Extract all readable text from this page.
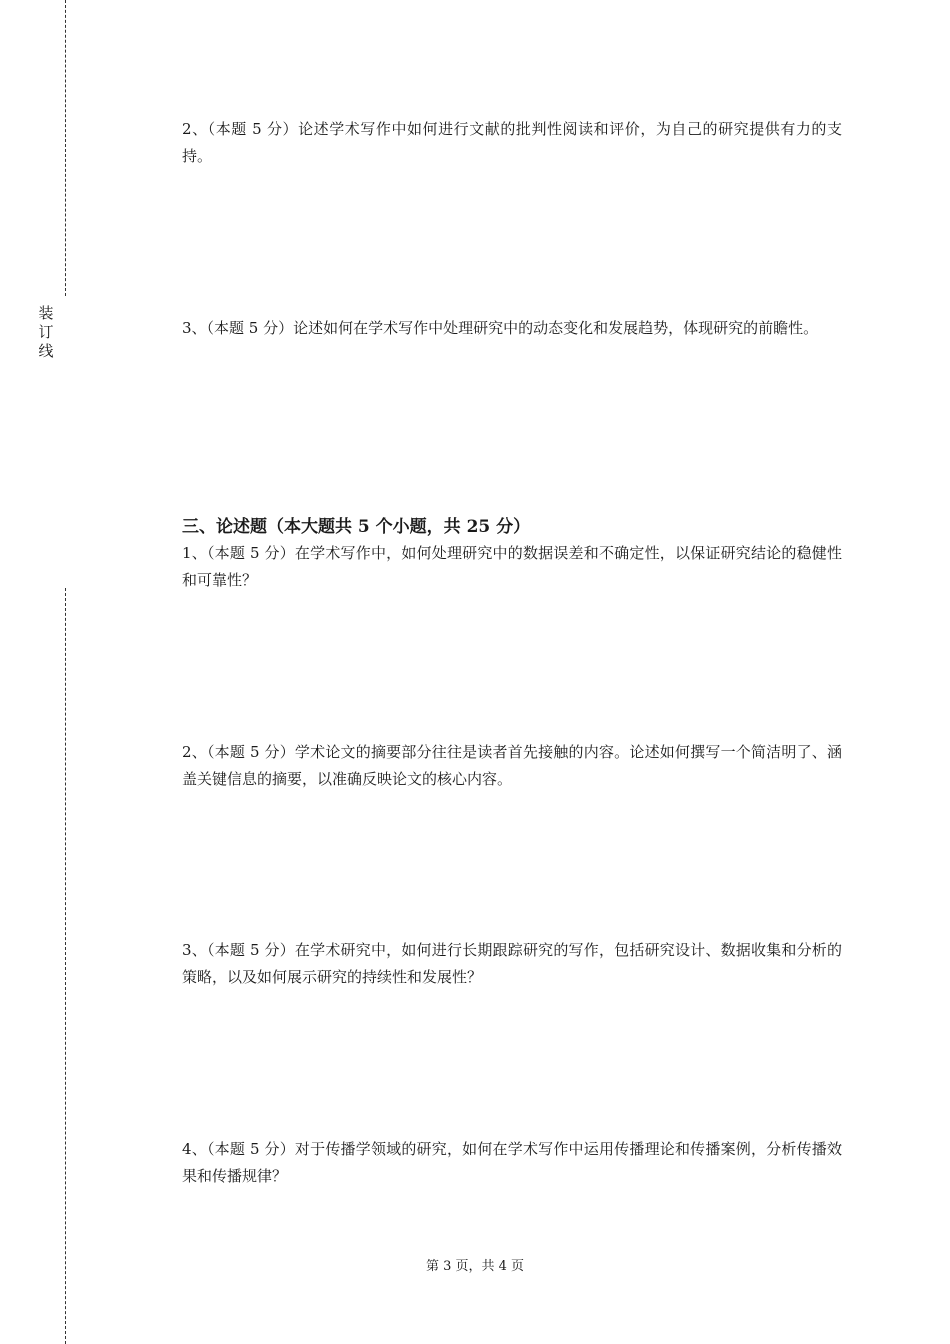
装
订
线
2、（本题 5 分）论述学术写作中如何进行文献的批判性阅读和评价，为自己的研究提供有力的支持。
3、（本题 5 分）论述如何在学术写作中处理研究中的动态变化和发展趋势，体现研究的前瞻性。
三、论述题（本大题共 5 个小题，共 25 分）
1、（本题 5 分）在学术写作中，如何处理研究中的数据误差和不确定性，以保证研究结论的稳健性和可靠性？
2、（本题 5 分）学术论文的摘要部分往往是读者首先接触的内容。论述如何撰写一个简洁明了、涵盖关键信息的摘要，以准确反映论文的核心内容。
3、（本题 5 分）在学术研究中，如何进行长期跟踪研究的写作，包括研究设计、数据收集和分析的策略，以及如何展示研究的持续性和发展性？
4、（本题 5 分）对于传播学领域的研究，如何在学术写作中运用传播理论和传播案例，分析传播效果和传播规律？
第 3 页，共 4 页
